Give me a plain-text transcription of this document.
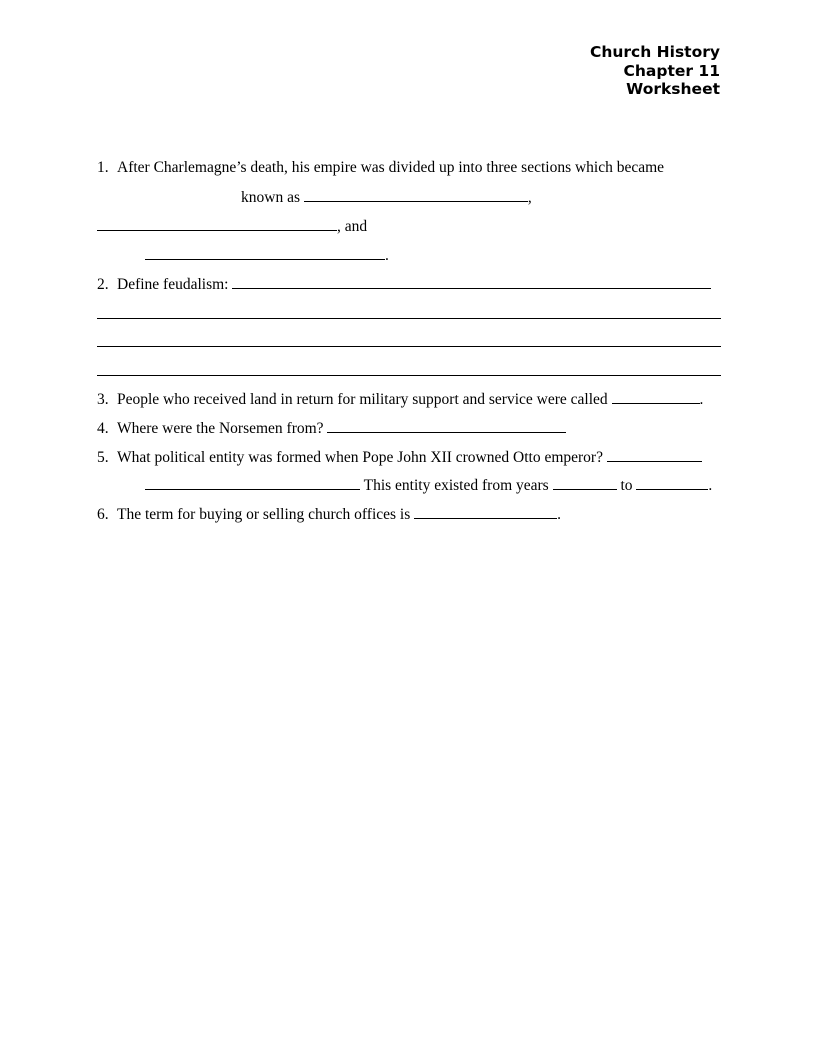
Church History
Chapter 11
Worksheet
1. After Charlemagne’s death, his empire was divided up into three sections which became
known as	,
, and
.
2. Define feudalism:
3. People who received land in return for military support and service were called	.
4. Where were the Norsemen from?
5. What political entity was formed when Pope John XII crowned Otto emperor?
This entity existed from years	to	.
6. The term for buying or selling church offices is	.
